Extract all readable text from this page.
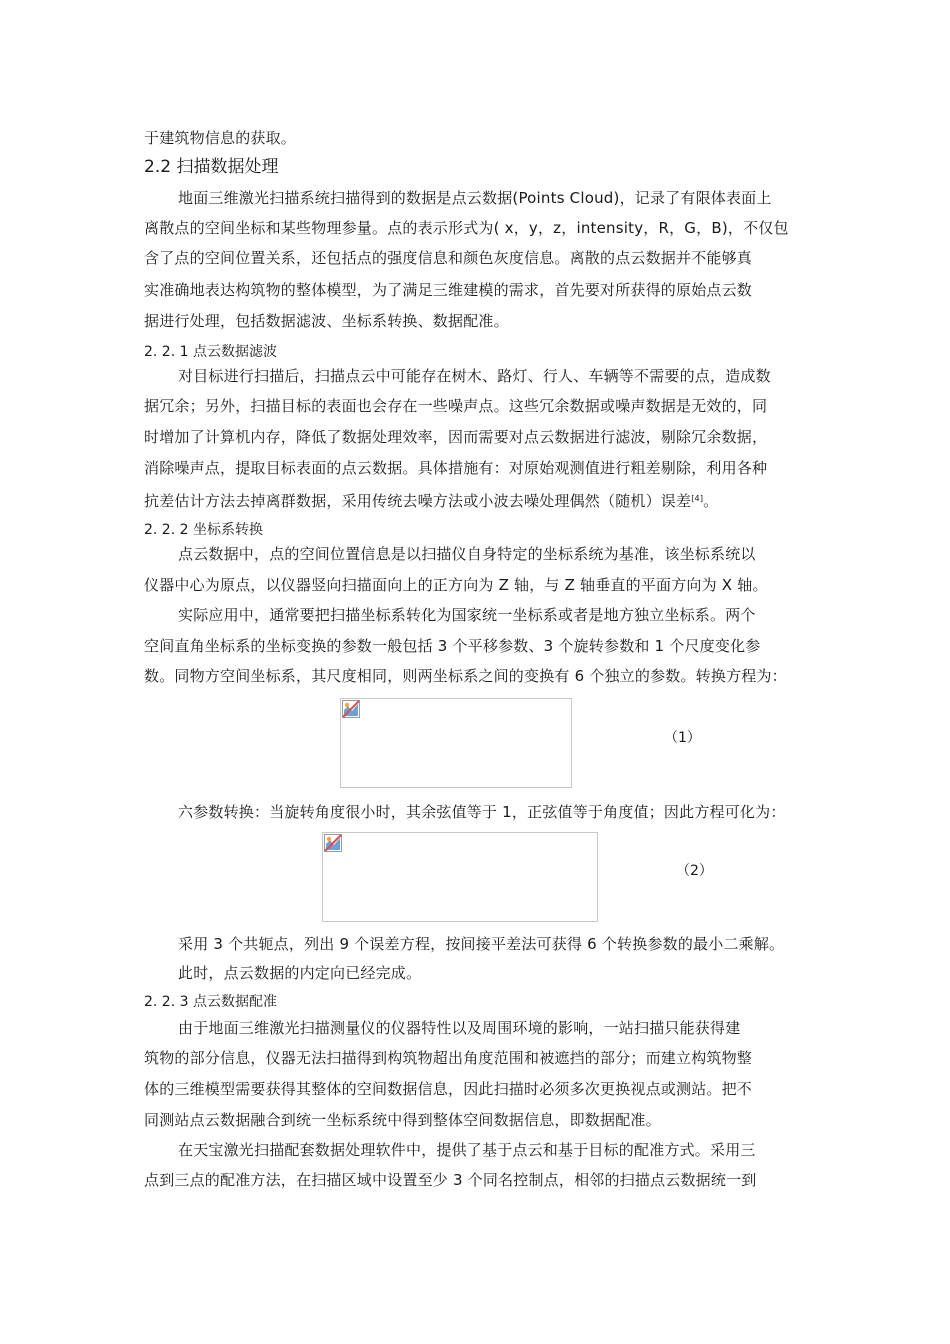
于建筑物信息的获取。
2.2 扫描数据处理
地面三维激光扫描系统扫描得到的数据是点云数据(Points Cloud)，记录了有限体表面上
离散点的空间坐标和某些物理参量。点的表示形式为( x，y，z，intensity，R，G，B)，不仅包
含了点的空间位置关系，还包括点的强度信息和颜色灰度信息。离散的点云数据并不能够真
实准确地表达构筑物的整体模型，为了满足三维建模的需求，首先要对所获得的原始点云数
据进行处理，包括数据滤波、坐标系转换、数据配准。
2. 2. 1 点云数据滤波
对目标进行扫描后，扫描点云中可能存在树木、路灯、行人、车辆等不需要的点，造成数
据冗余；另外，扫描目标的表面也会存在一些噪声点。这些冗余数据或噪声数据是无效的，同
时增加了计算机内存，降低了数据处理效率，因而需要对点云数据进行滤波，剔除冗余数据，
消除噪声点，提取目标表面的点云数据。具体措施有：对原始观测值进行粗差剔除，利用各种
抗差估计方法去掉离群数据，采用传统去噪方法或小波去噪处理偶然（随机）误差[4]。
2. 2. 2 坐标系转换
点云数据中，点的空间位置信息是以扫描仪自身特定的坐标系统为基准，该坐标系统以
仪器中心为原点，以仪器竖向扫描面向上的正方向为 Z 轴，与 Z 轴垂直的平面方向为 X 轴。
实际应用中，通常要把扫描坐标系转化为国家统一坐标系或者是地方独立坐标系。两个
空间直角坐标系的坐标变换的参数一般包括 3 个平移参数、3 个旋转参数和 1 个尺度变化参
数。同物方空间坐标系，其尺度相同，则两坐标系之间的变换有 6 个独立的参数。转换方程为：
（1）
六参数转换：当旋转角度很小时，其余弦值等于 1，正弦值等于角度值；因此方程可化为：
（2）
采用 3 个共轭点，列出 9 个误差方程，按间接平差法可获得 6 个转换参数的最小二乘解。
此时，点云数据的内定向已经完成。
2. 2. 3 点云数据配准
由于地面三维激光扫描测量仪的仪器特性以及周围环境的影响，一站扫描只能获得建
筑物的部分信息，仪器无法扫描得到构筑物超出角度范围和被遮挡的部分；而建立构筑物整
体的三维模型需要获得其整体的空间数据信息，因此扫描时必须多次更换视点或测站。把不
同测站点云数据融合到统一坐标系统中得到整体空间数据信息，即数据配准。
在天宝激光扫描配套数据处理软件中，提供了基于点云和基于目标的配准方式。采用三
点到三点的配准方法，在扫描区域中设置至少 3 个同名控制点，相邻的扫描点云数据统一到
